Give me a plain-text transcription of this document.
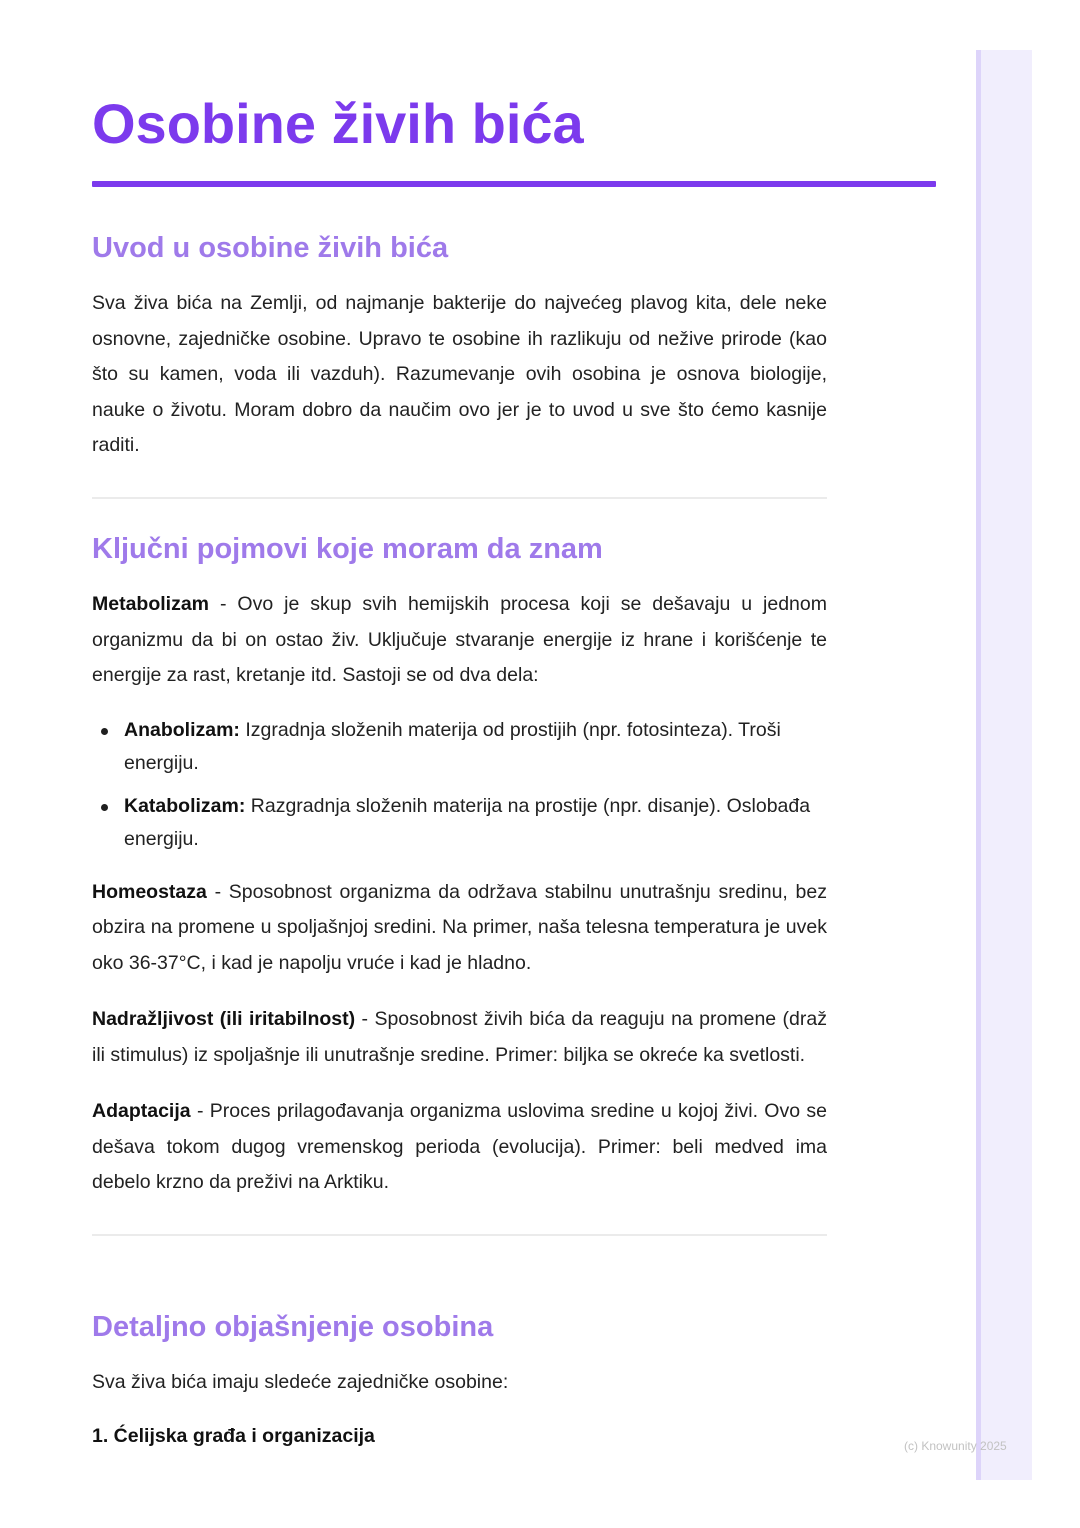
Osobine živih bića
Uvod u osobine živih bića

Sva živa bića na Zemlji, od najmanje bakterije do najvećeg plavog kita, dele neke osnovne, zajedničke osobine. Upravo te osobine ih razlikuju od nežive prirode (kao što su kamen, voda ili vazduh). Razumevanje ovih osobina je osnova biologije, nauke o životu. Moram dobro da naučim ovo jer je to uvod u sve što ćemo kasnije raditi.

Ključni pojmovi koje moram da znam

Metabolizam - Ovo je skup svih hemijskih procesa koji se dešavaju u jednom organizmu da bi on ostao živ. Uključuje stvaranje energije iz hrane i korišćenje te energije za rast, kretanje itd. Sastoji se od dva dela:

Anabolizam: Izgradnja složenih materija od prostijih (npr. fotosinteza). Troši energiju.
Katabolizam: Razgradnja složenih materija na prostije (npr. disanje). Oslobađa energiju.

Homeostaza - Sposobnost organizma da održava stabilnu unutrašnju sredinu, bez obzira na promene u spoljašnjoj sredini. Na primer, naša telesna temperatura je uvek oko 36-37°C, i kad je napolju vruće i kad je hladno.

Nadražljivost (ili iritabilnost) - Sposobnost živih bića da reaguju na promene (draž ili stimulus) iz spoljašnje ili unutrašnje sredine. Primer: biljka se okreće ka svetlosti.

Adaptacija - Proces prilagođavanja organizma uslovima sredine u kojoj živi. Ovo se dešava tokom dugog vremenskog perioda (evolucija). Primer: beli medved ima debelo krzno da preživi na Arktiku.

Detaljno objašnjenje osobina

Sva živa bića imaju sledeće zajedničke osobine:

1. Ćelijska građa i organizacija	(c) Knowunity 2025
